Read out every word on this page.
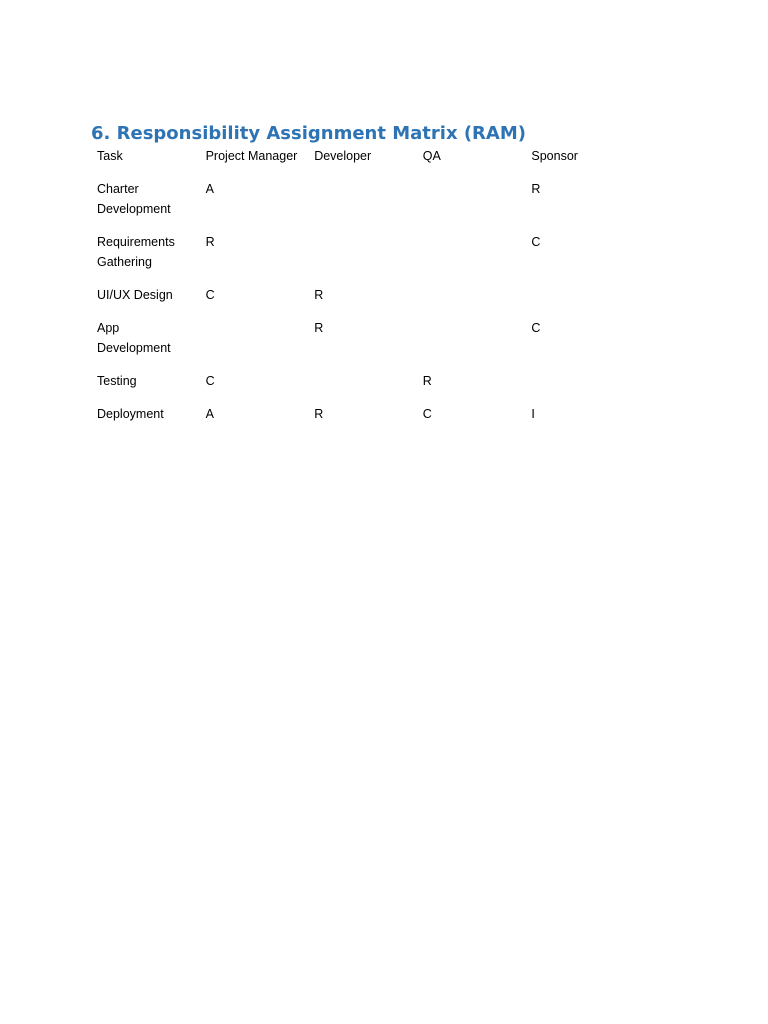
6. Responsibility Assignment Matrix (RAM)
Task	Project Manager	Developer	QA	Sponsor
Charter Development	A			R
Requirements Gathering	R			C
UI/UX Design	C	R		
App Development		R		C
Testing	C		R	
Deployment	A	R	C	I
